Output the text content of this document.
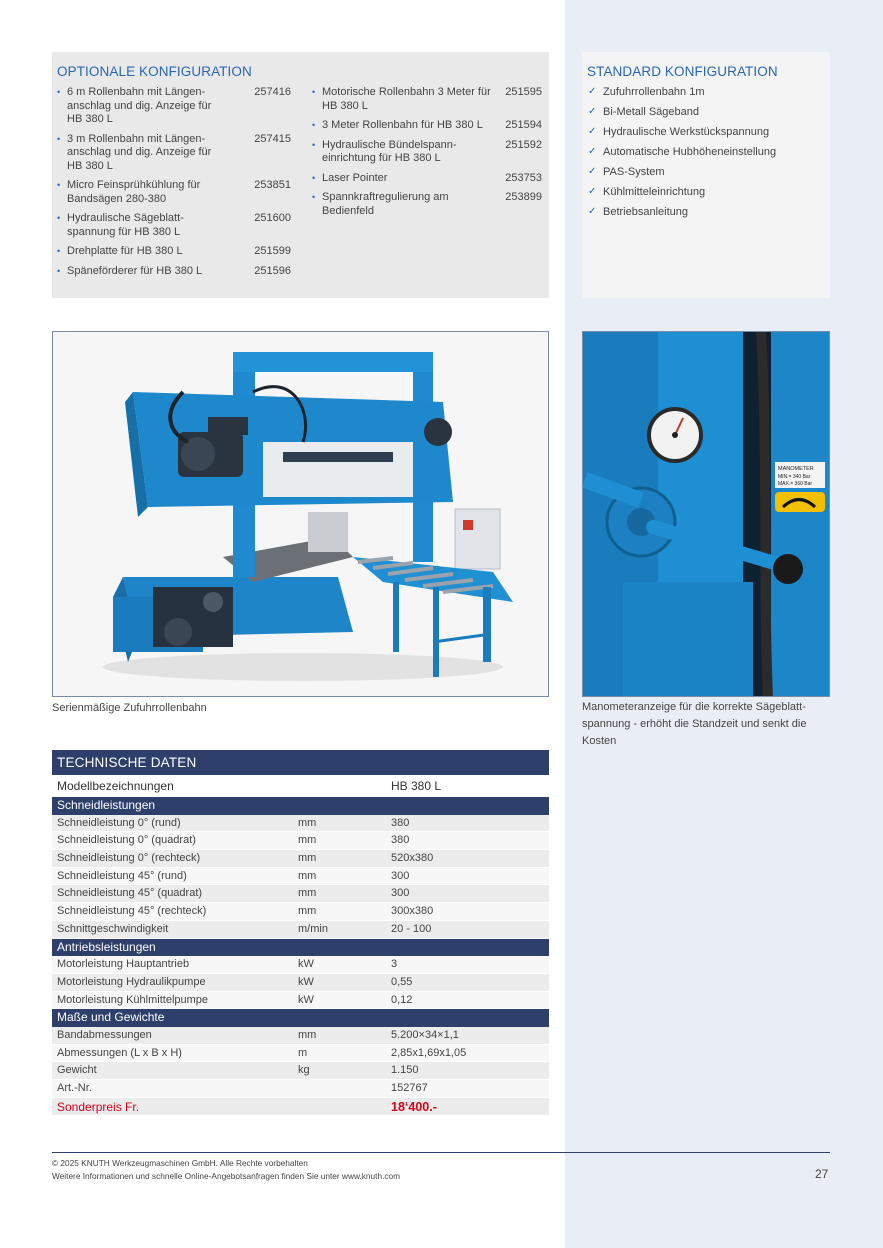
OPTIONALE KONFIGURATION
• 6 m Rollenbahn mit Längen-anschlag und dig. Anzeige für HB 380 L
257416
• 3 m Rollenbahn mit Längen-anschlag und dig. Anzeige für HB 380 L
257415
• Micro Feinsprühkühlung für Bandsägen 280-380
253851
• Hydraulische Sägeblatt-spannung für HB 380 L
251600
• Drehplatte für HB 380 L	251599
• Späneförderer für HB 380 L	251596
• Motorische Rollenbahn 3 Meter für HB 380 L
251595
• 3 Meter Rollenbahn für HB 380 L	251594
• Hydraulische Bündelspann-einrichtung für HB 380 L
251592
• Laser Pointer	253753
• Spannkraftregulierung am Bedienfeld
253899
STANDARD KONFIGURATION
✓ Zufuhrrollenbahn 1m
✓ Bi-Metall Sägeband
✓ Hydraulische Werkstückspannung
✓ Automatische Hubhöheneinstellung
✓ PAS-System
✓ Kühlmitteleinrichtung
✓ Betriebsanleitung
MANOMETER
MIN.= 340 Bar
MAX.= 360 Bar
Serienmäßige Zufuhrrollenbahn	Manometeranzeige für die korrekte Sägeblatt-spannung - erhöht die Standzeit und senkt die Kosten
TECHNISCHE DATEN
Modellbezeichnungen	HB 380 L
Schneidleistungen
Schneidleistung 0° (rund)	mm	380
Schneidleistung 0° (quadrat)	mm	380
Schneidleistung 0° (rechteck)	mm	520x380
Schneidleistung 45° (rund)	mm	300
Schneidleistung 45° (quadrat)	mm	300
Schneidleistung 45° (rechteck)	mm	300x380
Schnittgeschwindigkeit	m/min	20 - 100
Antriebsleistungen
Motorleistung Hauptantrieb	kW	3
Motorleistung Hydraulikpumpe	kW	0,55
Motorleistung Kühlmittelpumpe	kW	0,12
Maße und Gewichte
Bandabmessungen	mm	5.200×34×1,1
Abmessungen (L x B x H)	m	2,85x1,69x1,05
Gewicht	kg	1.150
Art.-Nr.	152767
Sonderpreis Fr.	18‘400.-
© 2025 KNUTH Werkzeugmaschinen GmbH. Alle Rechte vorbehalten
Weitere Informationen und schnelle Online-Angebotsanfragen finden Sie unter www.knuth.com	27
